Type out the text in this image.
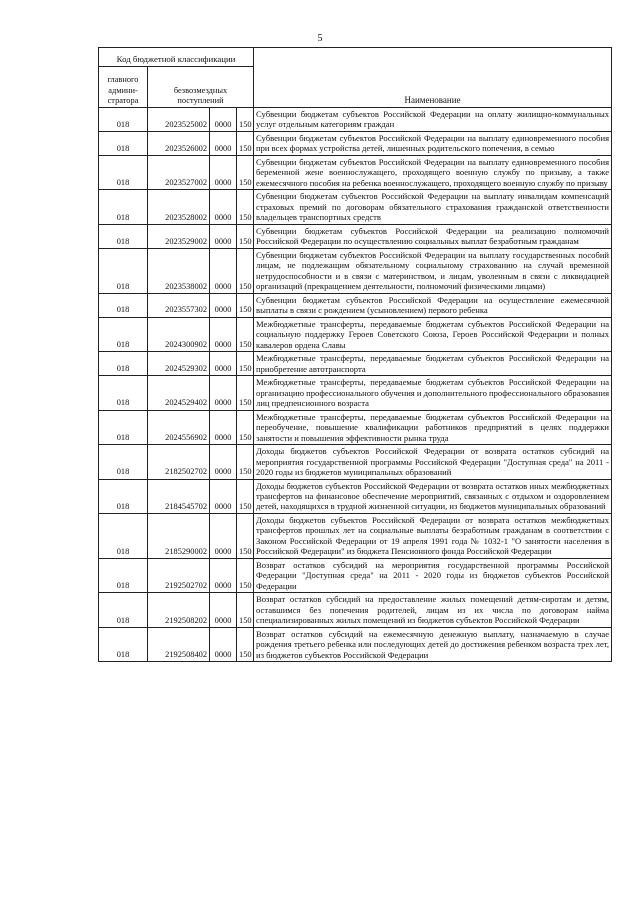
5
Код бюджетной классификации				Наименование
главного админи-стратора	безвозмездных поступлений			
018	2023525002	0000	150	Субвенции бюджетам субъектов Российской Федерации на оплату жилищно-коммунальных услуг отдельным категориям граждан
018	2023526002	0000	150	Субвенции бюджетам субъектов Российской Федерации на выплату единовременного пособия при всех формах устройства детей, лишенных родительского попечения, в семью
018	2023527002	0000	150	Субвенции бюджетам субъектов Российской Федерации на выплату единовременного пособия беременной жене военнослужащего, проходящего военную службу по призыву, а также ежемесячного пособия на ребенка военнослужащего, проходящего военную службу по призыву
018	2023528002	0000	150	Субвенции бюджетам субъектов Российской Федерации на выплату инвалидам компенсаций страховых премий по договорам обязательного страхования гражданской ответственности владельцев транспортных средств
018	2023529002	0000	150	Субвенции бюджетам субъектов Российской Федерации на реализацию полномочий Российской Федерации по осуществлению социальных выплат безработным гражданам
018	2023538002	0000	150	Субвенции бюджетам субъектов Российской Федерации на выплату государственных пособий лицам, не подлежащим обязательному социальному страхованию на случай временной нетрудоспособности и в связи с материнством, и лицам, уволенным в связи с ликвидацией организаций (прекращением деятельности, полномочий физическими лицами)
018	2023557302	0000	150	Субвенции бюджетам субъектов Российской Федерации на осуществление ежемесячной выплаты в связи с рождением (усыновлением) первого ребенка
018	2024300902	0000	150	Межбюджетные трансферты, передаваемые бюджетам субъектов Российской Федерации на социальную поддержку Героев Советского Союза, Героев Российской Федерации и полных кавалеров ордена Славы
018	2024529302	0000	150	Межбюджетные трансферты, передаваемые бюджетам субъектов Российской Федерации на приобретение автотранспорта
018	2024529402	0000	150	Межбюджетные трансферты, передаваемые бюджетам субъектов Российской Федерации на организацию профессионального обучения и дополнительного профессионального образования лиц предпенсионного возраста
018	2024556902	0000	150	Межбюджетные трансферты, передаваемые бюджетам субъектов Российской Федерации на переобучение, повышение квалификации работников предприятий в целях поддержки занятости и повышения эффективности рынка труда
018	2182502702	0000	150	Доходы бюджетов субъектов Российской Федерации от возврата остатков субсидий на мероприятия государственной программы Российской Федерации "Доступная среда" на 2011 - 2020 годы из бюджетов муниципальных образований
018	2184545702	0000	150	Доходы бюджетов субъектов Российской Федерации от возврата остатков иных межбюджетных трансфертов на финансовое обеспечение мероприятий, связанных с отдыхом и оздоровлением детей, находящихся в трудной жизненной ситуации, из бюджетов муниципальных образований
018	2185290002	0000	150	Доходы бюджетов субъектов Российской Федерации от возврата остатков межбюджетных трансфертов прошлых лет на социальные выплаты безработным гражданам в соответствии с Законом Российской Федерации от 19 апреля 1991 года № 1032-1 "О занятости населения в Российской Федерации" из бюджета Пенсионного фонда Российской Федерации
018	2192502702	0000	150	Возврат остатков субсидий на мероприятия государственной программы Российской Федерации "Доступная среда" на 2011 - 2020 годы из бюджетов субъектов Российской Федерации
018	2192508202	0000	150	Возврат остатков субсидий на предоставление жилых помещений детям-сиротам и детям, оставшимся без попечения родителей, лицам из их числа по договорам найма специализированных жилых помещений из бюджетов субъектов Российской Федерации
018	2192508402	0000	150	Возврат остатков субсидий на ежемесячную денежную выплату, назначаемую в случае рождения третьего ребенка или последующих детей до достижения ребенком возраста трех лет, из бюджетов субъектов Российской Федерации
